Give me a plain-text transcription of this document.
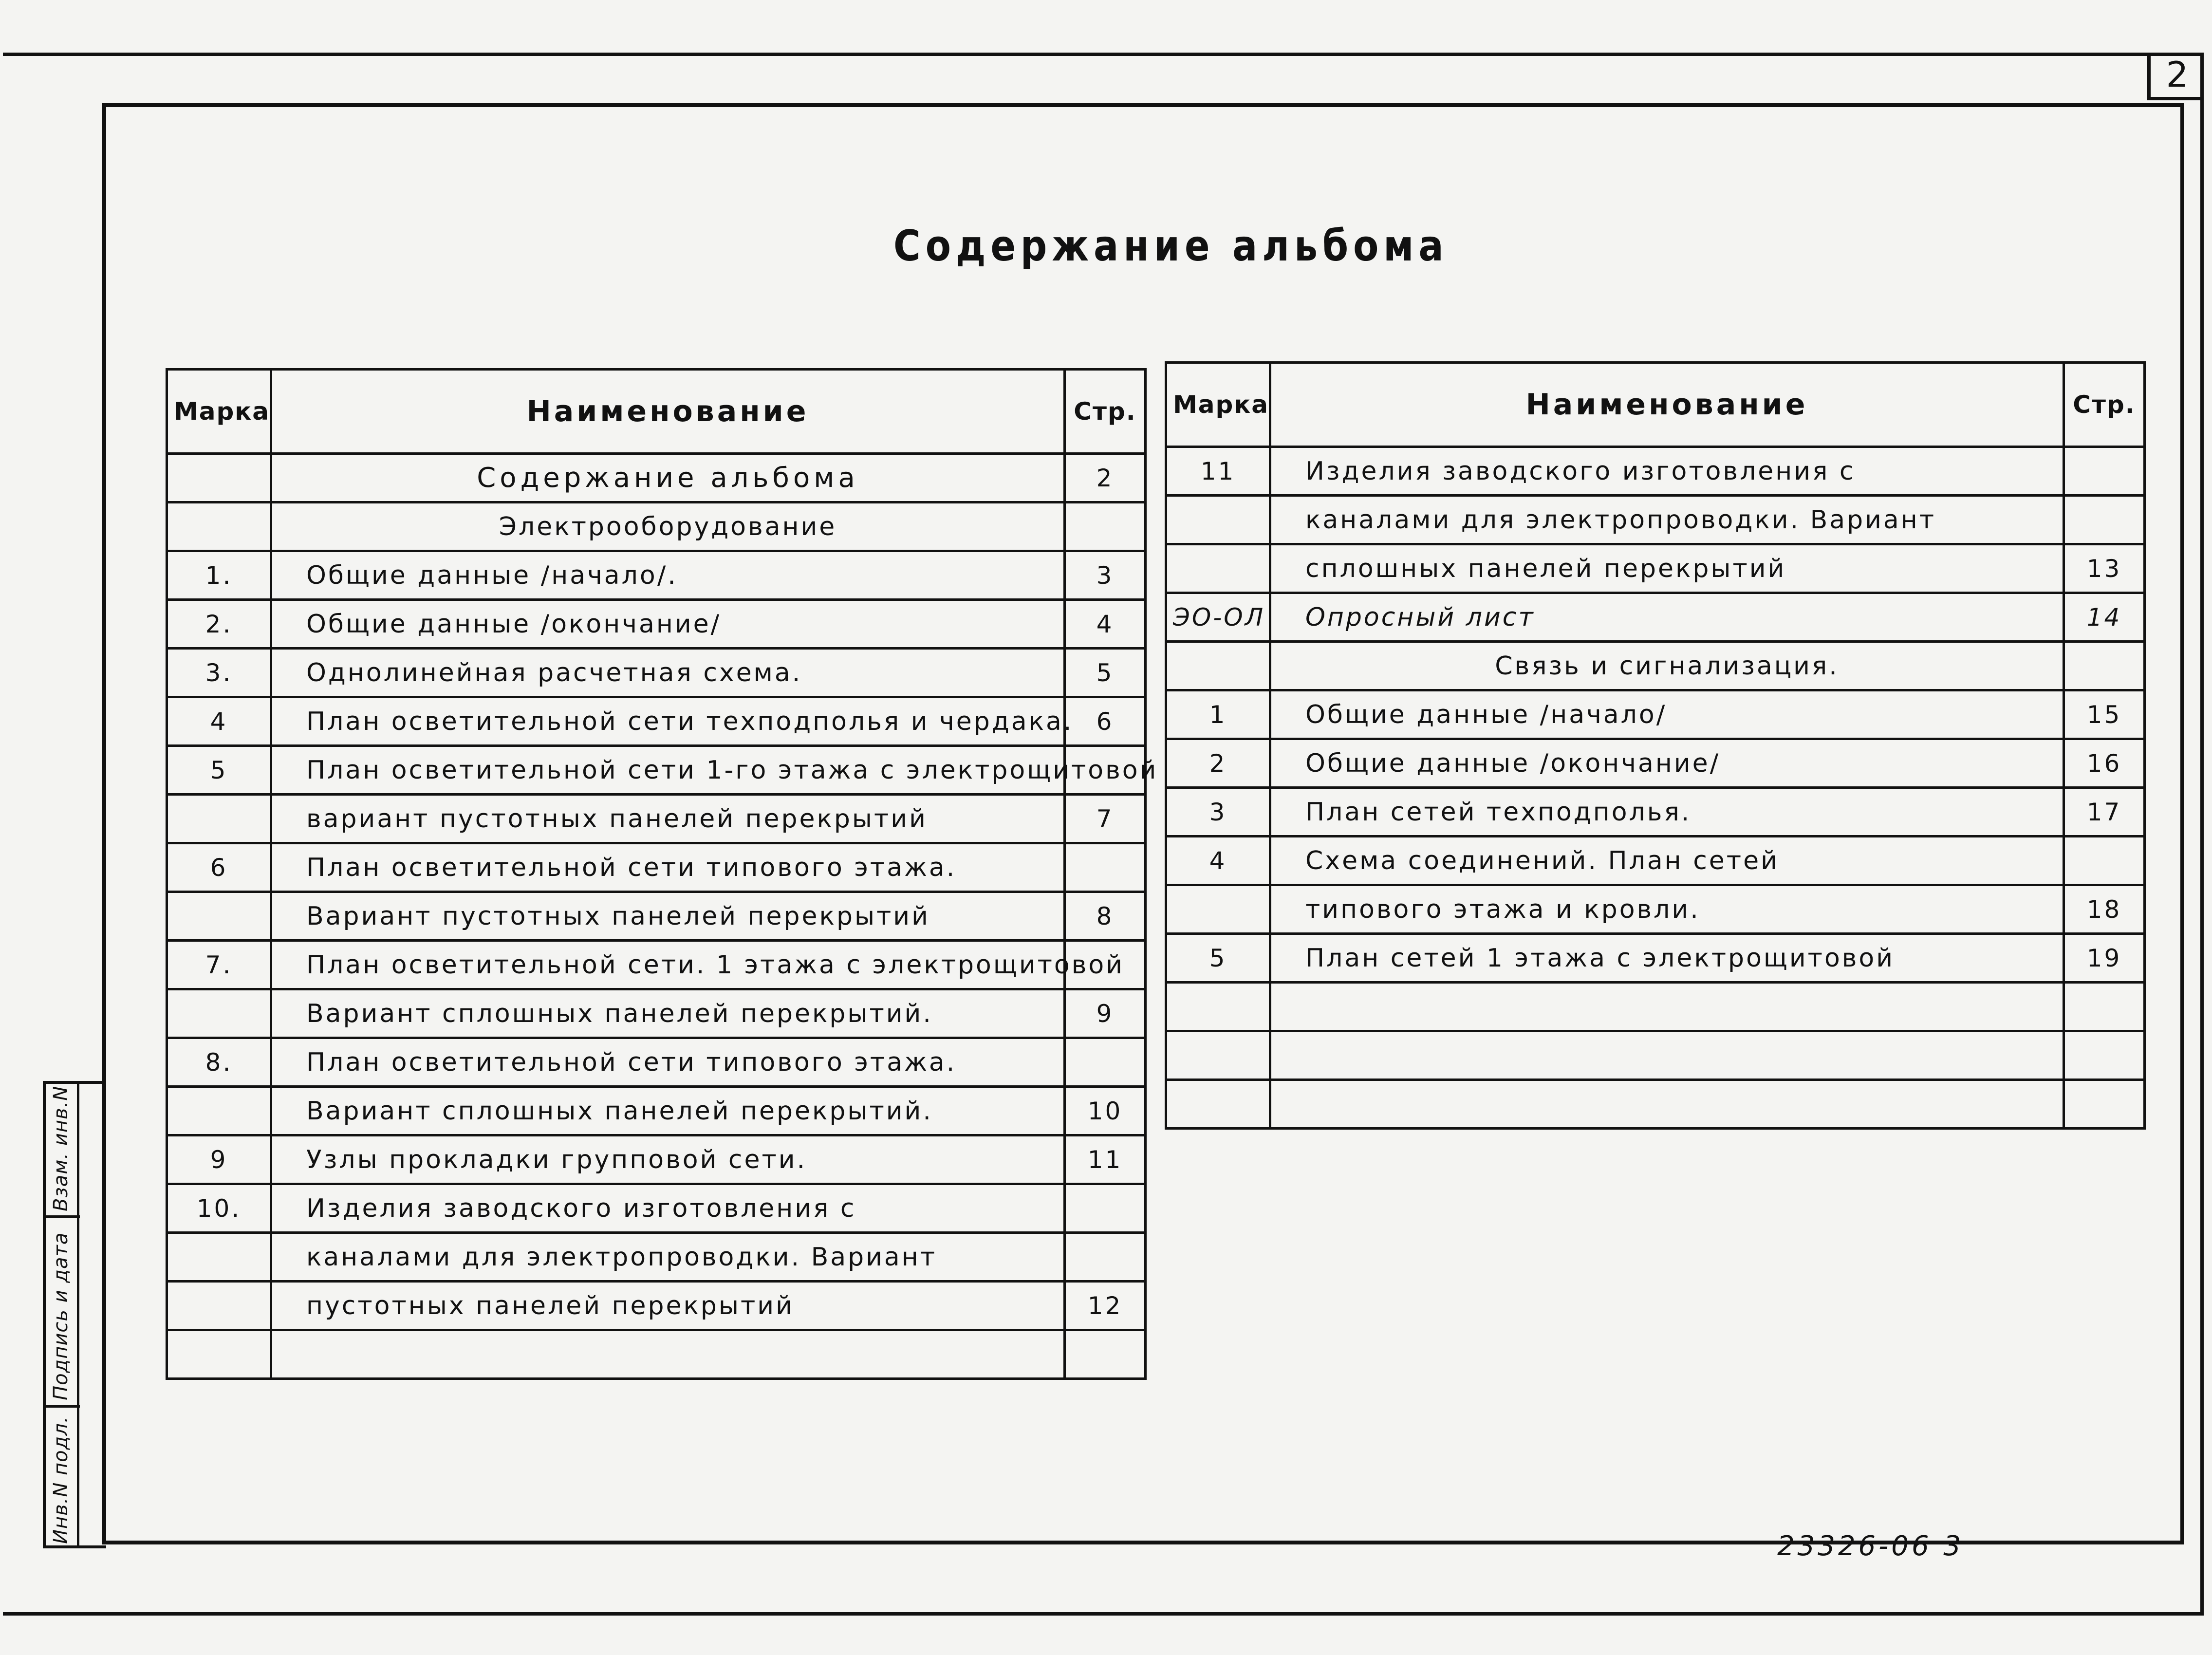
2
Содержание альбома
Инв.N подл.
Подпись и дата
Взам. инв.N
Марка	Наименование	Стр.
	Содержание альбома	2
	Электрооборудование	
1.	Общие данные /начало/.	3
2.	Общие данные /окончание/	4
3.	Однолинейная расчетная схема.	5
4	План осветительной сети техподполья и чердака.	6
5	План осветительной сети 1-го этажа с электрощитовой	
	вариант пустотных панелей перекрытий	7
6	План осветительной сети типового этажа.	
	Вариант пустотных панелей перекрытий	8
7.	План осветительной сети. 1 этажа с электрощитовой	
	Вариант сплошных панелей перекрытий.	9
8.	План осветительной сети типового этажа.	
	Вариант сплошных панелей перекрытий.	10
9	Узлы прокладки групповой сети.	11
10.	Изделия заводского изготовления с	
	каналами для электропроводки. Вариант	
	пустотных панелей перекрытий	12

Марка	Наименование	Стр.
11	Изделия заводского изготовления с	
	каналами для электропроводки. Вариант	
	сплошных панелей перекрытий	13
ЭО-ОЛ	Опросный лист	14
	Связь и сигнализация.	
1	Общие данные /начало/	15
2	Общие данные /окончание/	16
3	План сетей техподполья.	17
4	Схема соединений. План сетей	
	типового этажа и кровли.	18
5	План сетей 1 этажа с электрощитовой	19

23326-06 3
